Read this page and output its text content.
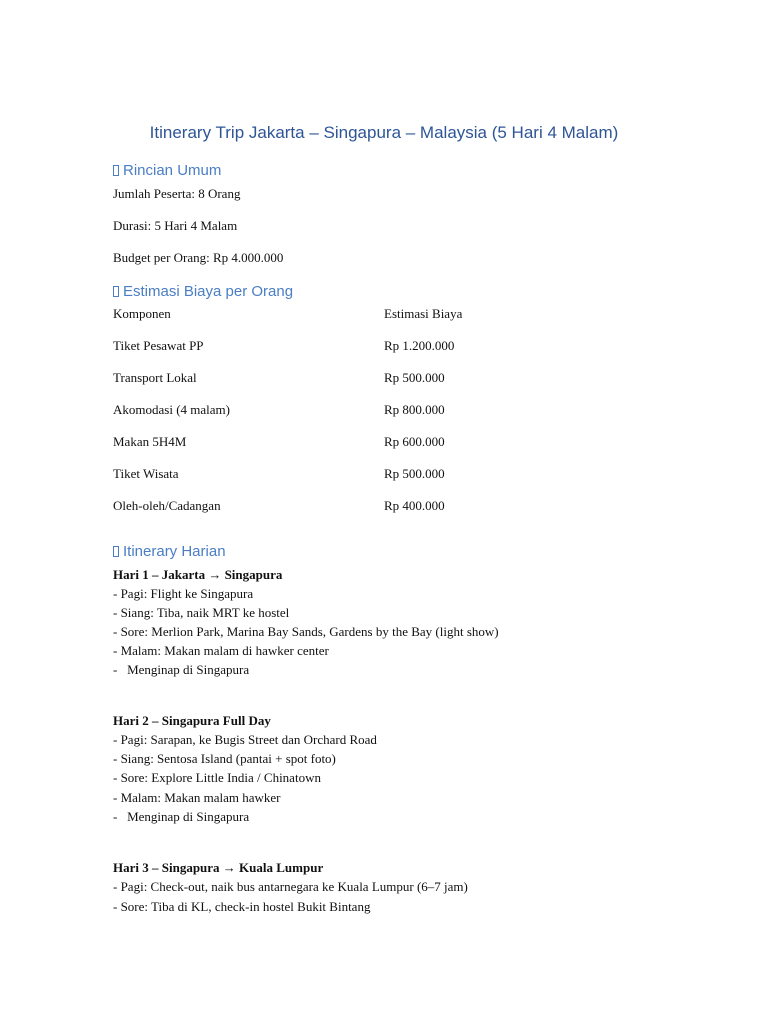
Itinerary Trip Jakarta – Singapura – Malaysia (5 Hari 4 Malam)
Rincian Umum
Jumlah Peserta: 8 Orang
Durasi: 5 Hari 4 Malam
Budget per Orang: Rp 4.000.000
Estimasi Biaya per Orang
Komponen	Estimasi Biaya
Tiket Pesawat PP	Rp 1.200.000
Transport Lokal	Rp 500.000
Akomodasi (4 malam)	Rp 800.000
Makan 5H4M	Rp 600.000
Tiket Wisata	Rp 500.000
Oleh-oleh/Cadangan	Rp 400.000
Itinerary Harian
Hari 1 – Jakarta → Singapura
- Pagi: Flight ke Singapura
- Siang: Tiba, naik MRT ke hostel
- Sore: Merlion Park, Marina Bay Sands, Gardens by the Bay (light show)
- Malam: Makan malam di hawker center
-   Menginap di Singapura
Hari 2 – Singapura Full Day
- Pagi: Sarapan, ke Bugis Street dan Orchard Road
- Siang: Sentosa Island (pantai + spot foto)
- Sore: Explore Little India / Chinatown
- Malam: Makan malam hawker
-   Menginap di Singapura
Hari 3 – Singapura → Kuala Lumpur
- Pagi: Check-out, naik bus antarnegara ke Kuala Lumpur (6–7 jam)
- Sore: Tiba di KL, check-in hostel Bukit Bintang
